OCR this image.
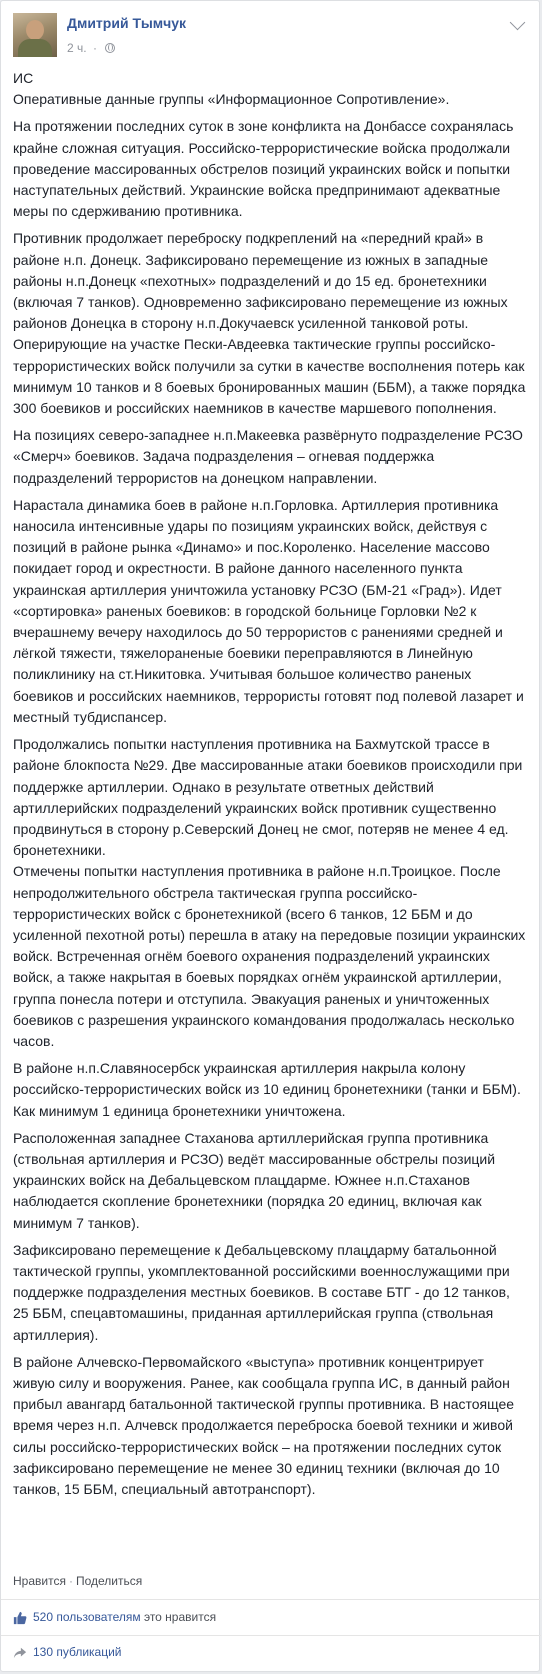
Дмитрий Тымчук
2 ч. ·

ИС
Оперативные данные группы «Информационное Сопротивление».

На протяжении последних суток в зоне конфликта на Донбассе сохранялась крайне сложная ситуация. Российско-террористические войска продолжали проведение массированных обстрелов позиций украинских войск и попытки наступательных действий. Украинские войска предпринимают адекватные меры по сдерживанию противника.

Противник продолжает переброску подкреплений на «передний край» в районе н.п. Донецк. Зафиксировано перемещение из южных в западные районы н.п.Донецк «пехотных» подразделений и до 15 ед. бронетехники (включая 7 танков). Одновременно зафиксировано перемещение из южных районов Донецка в сторону н.п.Докучаевск усиленной танковой роты. Оперирующие на участке Пески-Авдеевка тактические группы российско-террористических войск получили за сутки в качестве восполнения потерь как минимум 10 танков и 8 боевых бронированных машин (ББМ), а также порядка 300 боевиков и российских наемников в качестве маршевого пополнения.

На позициях северо-западнее н.п.Макеевка развёрнуто подразделение РСЗО «Смерч» боевиков. Задача подразделения – огневая поддержка подразделений террористов на донецком направлении.

Нарастала динамика боев в районе н.п.Горловка. Артиллерия противника наносила интенсивные удары по позициям украинских войск, действуя с позиций в районе рынка «Динамо» и пос.Короленко. Население массово покидает город и окрестности. В районе данного населенного пункта украинская артиллерия уничтожила установку РСЗО (БМ-21 «Град»). Идет «сортировка» раненых боевиков: в городской больнице Горловки №2 к вчерашнему вечеру находилось до 50 террористов с ранениями средней и лёгкой тяжести, тяжелораненые боевики переправляются в Линейную поликлинику на ст.Никитовка. Учитывая большое количество раненых боевиков и российских наемников, террористы готовят под полевой лазарет и местный тубдиспансер.

Продолжались попытки наступления противника на Бахмутской трассе в районе блокпоста №29. Две массированные атаки боевиков происходили при поддержке артиллерии. Однако в результате ответных действий артиллерийских подразделений украинских войск противник существенно продвинуться в сторону р.Северский Донец не смог, потеряв не менее 4 ед. бронетехники.
Отмечены попытки наступления противника в районе н.п.Троицкое. После непродолжительного обстрела тактическая группа российско-террористических войск с бронетехникой (всего 6 танков, 12 ББМ и до усиленной пехотной роты) перешла в атаку на передовые позиции украинских войск. Встреченная огнём боевого охранения подразделений украинских войск, а также накрытая в боевых порядках огнём украинской артиллерии, группа понесла потери и отступила. Эвакуация раненых и уничтоженных боевиков с разрешения украинского командования продолжалась несколько часов.

В районе н.п.Славяносербск украинская артиллерия накрыла колону российско-террористических войск из 10 единиц бронетехники (танки и ББМ). Как минимум 1 единица бронетехники уничтожена.

Расположенная западнее Стаханова артиллерийская группа противника (ствольная артиллерия и РСЗО) ведёт массированные обстрелы позиций украинских войск на Дебальцевском плацдарме. Южнее н.п.Стаханов наблюдается скопление бронетехники (порядка 20 единиц, включая как минимум 7 танков).

Зафиксировано перемещение к Дебальцевскому плацдарму батальонной тактической группы, укомплектованной российскими военнослужащими при поддержке подразделения местных боевиков. В составе БТГ - до 12 танков, 25 ББМ, спецавтомашины, приданная артиллерийская группа (ствольная артиллерия).

В районе Алчевско-Первомайского «выступа» противник концентрирует живую силу и вооружения. Ранее, как сообщала группа ИС, в данный район прибыл авангард батальонной тактической группы противника. В настоящее время через н.п. Алчевск продолжается переброска боевой техники и живой силы российско-террористических войск – на протяжении последних суток зафиксировано перемещение не менее 30 единиц техники (включая до 10 танков, 15 ББМ, специальный автотранспорт).

Нравится · Поделиться
520 пользователям это нравится
130 публикаций
